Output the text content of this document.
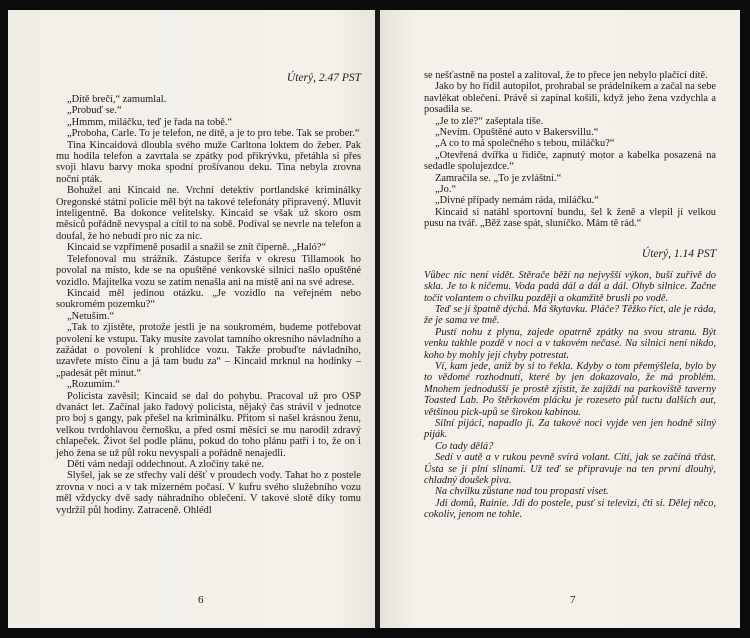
Úterý, 2.47 PST

„Dítě brečí,“ zamumlal.

„Probuď se.“

„Hmmm, miláčku, teď je řada na tobě.“

„Proboha, Carle. To je telefon, ne dítě, a je to pro tebe. Tak se prober.“

Tina Kincaidová dloubla svého muže Carltona loktem do žeber. Pak mu hodila telefon a zavrtala se zpátky pod přikrývku, přetáhla si přes svoji hlavu barvy moka spodní prošívanou deku. Tina nebyla zrovna noční pták.

Bohužel ani Kincaid ne. Vrchní detektiv portlandské kriminálky Oregonské státní policie měl být na takové telefonáty připravený. Mluvit inteligentně. Ba dokonce velitelsky. Kincaid se však už skoro osm měsíců pořádně nevyspal a cítil to na sobě. Podíval se nevrle na telefon a doufal, že ho nebudí pro nic za nic.

Kincaid se vzpřímeně posadil a snažil se znít čiperně. „Haló?“

Telefonoval mu strážník. Zástupce šerifa v okresu Tillamook ho povolal na místo, kde se na opuštěné venkovské silnici našlo opuštěné vozidlo. Majitelka vozu se zatím nenašla ani na místě ani na své adrese.

Kincaid měl jedinou otázku. „Je vozidlo na veřejném nebo soukromém pozemku?“

„Netuším.“

„Tak to zjistěte, protože jestli je na soukromém, budeme potřebovat povolení ke vstupu. Taky musíte zavolat tamního okresního návladního a zažádat o povolení k prohlídce vozu. Takže probuďte návladního, uzavřete místo činu a já tam budu za“ – Kincaid mrknul na hodinky – „padesát pět minut.“

„Rozumím.“

Policista zavěsil; Kincaid se dal do pohybu. Pracoval už pro OSP dvanáct let. Začínal jako řadový policista, nějaký čas strávil v jednotce pro boj s gangy, pak přešel na kriminálku. Přitom si našel krásnou ženu, velkou tvrdohlavou černošku, a před osmi měsíci se mu narodil zdravý chlapeček. Život šel podle plánu, pokud do toho plánu patří i to, že on i jeho žena se už půl roku nevyspali a pořádně nenajedli.

Děti vám nedají oddechnout. A zločiny také ne.

Slyšel, jak se ze střechy valí déšť v proudech vody. Tahat ho z postele zrovna v noci a v tak mizerném počasí. V kufru svého služebního vozu měl vždycky dvě sady náhradního oblečení. V takové slotě díky tomu vydržíl půl hodiny. Zatraceně. Ohlédl

6

se nešťastně na postel a zalitoval, že to přece jen nebylo plačící dítě.

Jako by ho řídil autopilot, prohrabal se prádelníkem a začal na sebe navlékat oblečení. Právě si zapínal košili, když jeho žena vzdychla a posadila se.

„Je to zlé?“ zašeptala tiše.

„Nevím. Opuštěné auto v Bakersvillu.“

„A co to má společného s tebou, miláčku?“

„Otevřená dvířka u řidiče, zapnutý motor a kabelka posazená na sedadle spolujezdce.“

Zamračila se. „To je zvláštní.“

„Jo.“

„Divné případy nemám ráda, miláčku.“

Kincaid si natáhl sportovní bundu, šel k ženě a vlepil jí velkou pusu na tvář. „Běž zase spát, sluníčko. Mám tě rád.“

Úterý, 1.14 PST

Vůbec nic není vidět. Stěrače běží na nejvyšší výkon, buší zuřivě do skla. Je to k ničemu. Voda padá dál a dál a dál. Ohyb silnice. Začne točit volantem o chvilku později a okamžitě brusli po vodě.

Teď se jí špatně dýchá. Má škytavku. Pláče? Těžko říct, ale je ráda, že je sama ve tmě.

Pustí nohu z plynu, zajede opatrně zpátky na svou stranu. Být venku takhle pozdě v noci a v takovém nečase. Na silnici není nikdo, koho by mohly její chyby potrestat.

Ví, kam jede, aniž by si to řekla. Kdyby o tom přemýšlela, bylo by to vědomé rozhodnutí, které by jen dokazovalo, že má problém. Mnohem jednodušší je prostě zjistit, že zajíždí na parkoviště taverny Toasted Lab. Po štěrkovém plácku je rozeseto půl tuctu dalších aut, většinou pick-upů se širokou kabinou.

Silní pijáci, napadlo ji. Za takové noci vyjde ven jen hodně silný piják.

Co tady dělá?

Sedí v autě a v rukou pevně svírá volant. Cítí, jak se začíná třást. Ústa se jí plní slinami. Už teď se připravuje na ten první dlouhý, chladný doušek piva.

Na chvilku zůstane nad tou propastí viset.

Jdi domů, Rainie. Jdi do postele, pusť si televizi, čti si. Dělej něco, cokoliv, jenom ne tohle.

7
